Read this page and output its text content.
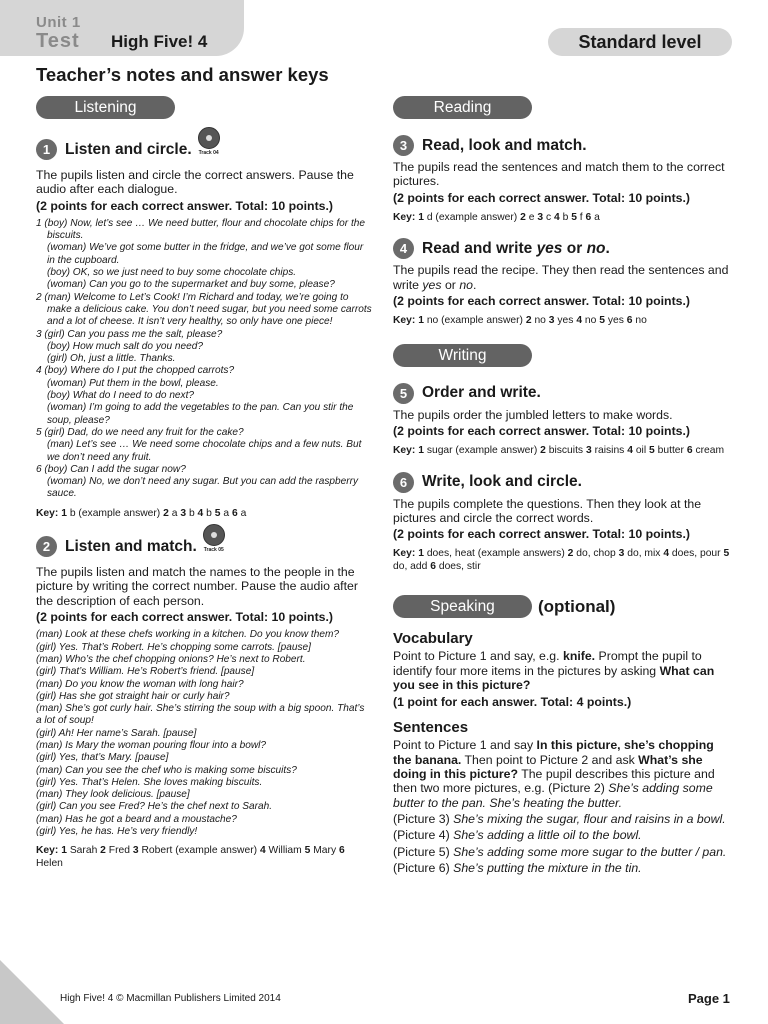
Unit 1
Test High Five! 4	Standard level
Teacher’s notes and answer keys
Listening
1 Listen and circle. Track 04

The pupils listen and circle the correct answers. Pause the audio after each dialogue.

(2 points for each correct answer. Total: 10 points.)

1 (boy) Now, let’s see … We need butter, flour and chocolate chips for the biscuits.
(woman) We’ve got some butter in the fridge, and we’ve got some flour in the cupboard.
(boy) OK, so we just need to buy some chocolate chips.
(woman) Can you go to the supermarket and buy some, please?
2 (man) Welcome to Let’s Cook! I’m Richard and today, we’re going to make a delicious cake. You don’t need sugar, but you need some carrots and a lot of cheese. It isn’t very healthy, so only have one piece!
3 (girl) Can you pass me the salt, please?
(boy) How much salt do you need?
(girl) Oh, just a little. Thanks.
4 (boy) Where do I put the chopped carrots?
(woman) Put them in the bowl, please.
(boy) What do I need to do next?
(woman) I’m going to add the vegetables to the pan. Can you stir the soup, please?
5 (girl) Dad, do we need any fruit for the cake?
(man) Let’s see … We need some chocolate chips and a few nuts. But we don’t need any fruit.
6 (boy) Can I add the sugar now?
(woman) No, we don’t need any sugar. But you can add the raspberry sauce.

Key: 1 b (example answer) 2 a 3 b 4 b 5 a 6 a

2 Listen and match. Track 05

The pupils listen and match the names to the people in the picture by writing the correct number. Pause the audio after the description of each person.

(2 points for each correct answer. Total: 10 points.)

(man) Look at these chefs working in a kitchen. Do you know them?
(girl) Yes. That’s Robert. He’s chopping some carrots. [pause]
(man) Who’s the chef chopping onions? He’s next to Robert.
(girl) That’s William. He’s Robert’s friend. [pause]
(man) Do you know the woman with long hair?
(girl) Has she got straight hair or curly hair?
(man) She’s got curly hair. She’s stirring the soup with a big spoon. That’s a lot of soup!
(girl) Ah! Her name’s Sarah. [pause]
(man) Is Mary the woman pouring flour into a bowl?
(girl) Yes, that’s Mary. [pause]
(man) Can you see the chef who is making some biscuits?
(girl) Yes. That’s Helen. She loves making biscuits.
(man) They look delicious. [pause]
(girl) Can you see Fred? He’s the chef next to Sarah.
(man) Has he got a beard and a moustache?
(girl) Yes, he has. He’s very friendly!

Key: 1 Sarah 2 Fred 3 Robert (example answer) 4 William 5 Mary 6 Helen

Reading
3 Read, look and match.

The pupils read the sentences and match them to the correct pictures.

(2 points for each correct answer. Total: 10 points.)

Key: 1 d (example answer) 2 e 3 c 4 b 5 f 6 a

4 Read and write yes or no.

The pupils read the recipe. They then read the sentences and write yes or no.

(2 points for each correct answer. Total: 10 points.)

Key: 1 no (example answer) 2 no 3 yes 4 no 5 yes 6 no

Writing
5 Order and write.

The pupils order the jumbled letters to make words.

(2 points for each correct answer. Total: 10 points.)

Key: 1 sugar (example answer) 2 biscuits 3 raisins 4 oil 5 butter 6 cream

6 Write, look and circle.

The pupils complete the questions. Then they look at the pictures and circle the correct words.

(2 points for each correct answer. Total: 10 points.)

Key: 1 does, heat (example answers) 2 do, chop 3 do, mix 4 does, pour 5 do, add 6 does, stir

Speaking	(optional)

Vocabulary

Point to Picture 1 and say, e.g. knife. Prompt the pupil to identify four more items in the pictures by asking What can you see in this picture?

(1 point for each answer. Total: 4 points.)

Sentences

Point to Picture 1 and say In this picture, she’s chopping the banana. Then point to Picture 2 and ask What’s she doing in this picture? The pupil describes this picture and then two more pictures, e.g. (Picture 2) She’s adding some butter to the pan. She’s heating the butter.

(Picture 3) She’s mixing the sugar, flour and raisins in a bowl.

(Picture 4) She’s adding a little oil to the bowl.

(Picture 5) She’s adding some more sugar to the butter / pan.

(Picture 6) She’s putting the mixture in the tin.

PHOTOCOPIABLE High Five! 4 © Macmillan Publishers Limited 2014	Page 1
